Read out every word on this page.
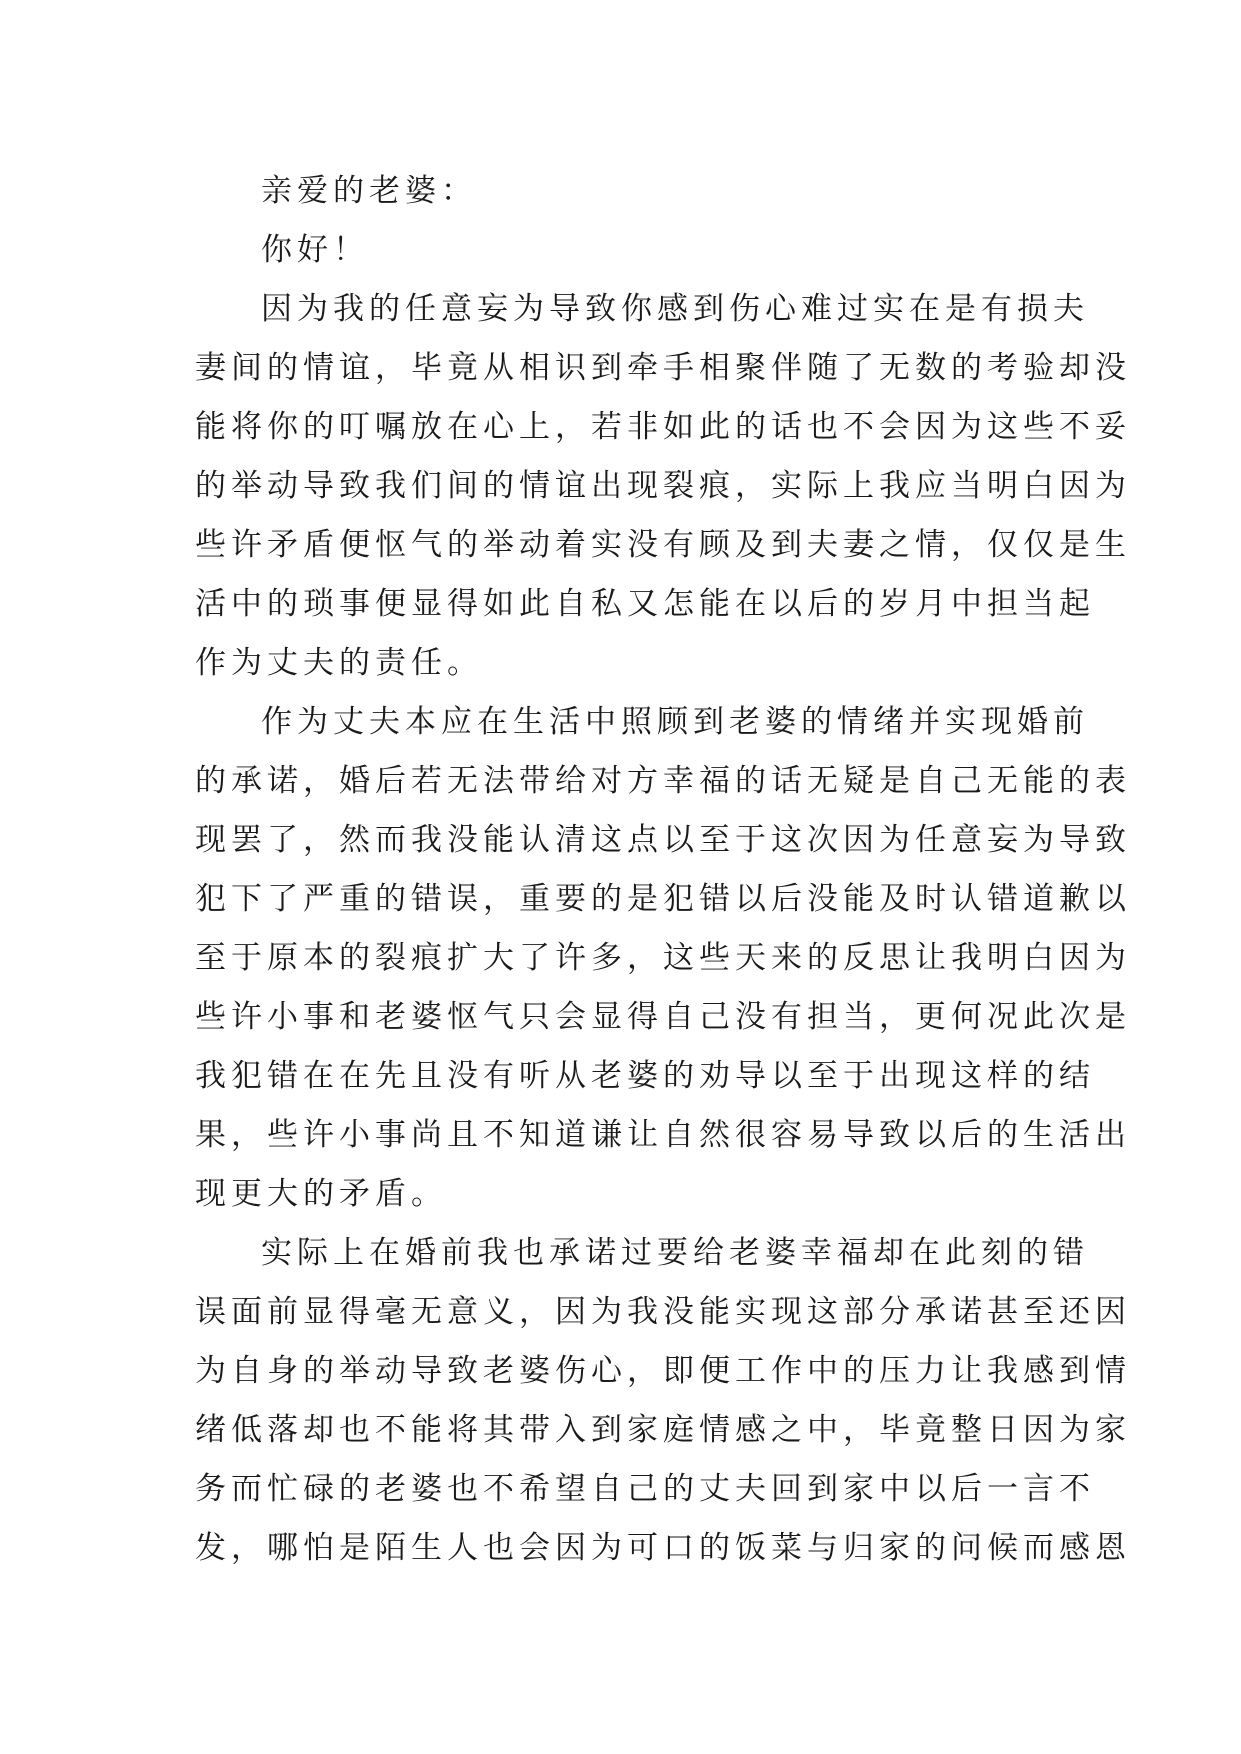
亲爱的老婆：
你好！
因为我的任意妄为导致你感到伤心难过实在是有损夫
妻间的情谊，毕竟从相识到牵手相聚伴随了无数的考验却没
能将你的叮嘱放在心上，若非如此的话也不会因为这些不妥
的举动导致我们间的情谊出现裂痕，实际上我应当明白因为
些许矛盾便怄气的举动着实没有顾及到夫妻之情，仅仅是生
活中的琐事便显得如此自私又怎能在以后的岁月中担当起
作为丈夫的责任。
作为丈夫本应在生活中照顾到老婆的情绪并实现婚前
的承诺，婚后若无法带给对方幸福的话无疑是自己无能的表
现罢了，然而我没能认清这点以至于这次因为任意妄为导致
犯下了严重的错误，重要的是犯错以后没能及时认错道歉以
至于原本的裂痕扩大了许多，这些天来的反思让我明白因为
些许小事和老婆怄气只会显得自己没有担当，更何况此次是
我犯错在在先且没有听从老婆的劝导以至于出现这样的结
果，些许小事尚且不知道谦让自然很容易导致以后的生活出
现更大的矛盾。
实际上在婚前我也承诺过要给老婆幸福却在此刻的错
误面前显得毫无意义，因为我没能实现这部分承诺甚至还因
为自身的举动导致老婆伤心，即便工作中的压力让我感到情
绪低落却也不能将其带入到家庭情感之中，毕竟整日因为家
务而忙碌的老婆也不希望自己的丈夫回到家中以后一言不
发，哪怕是陌生人也会因为可口的饭菜与归家的问候而感恩
